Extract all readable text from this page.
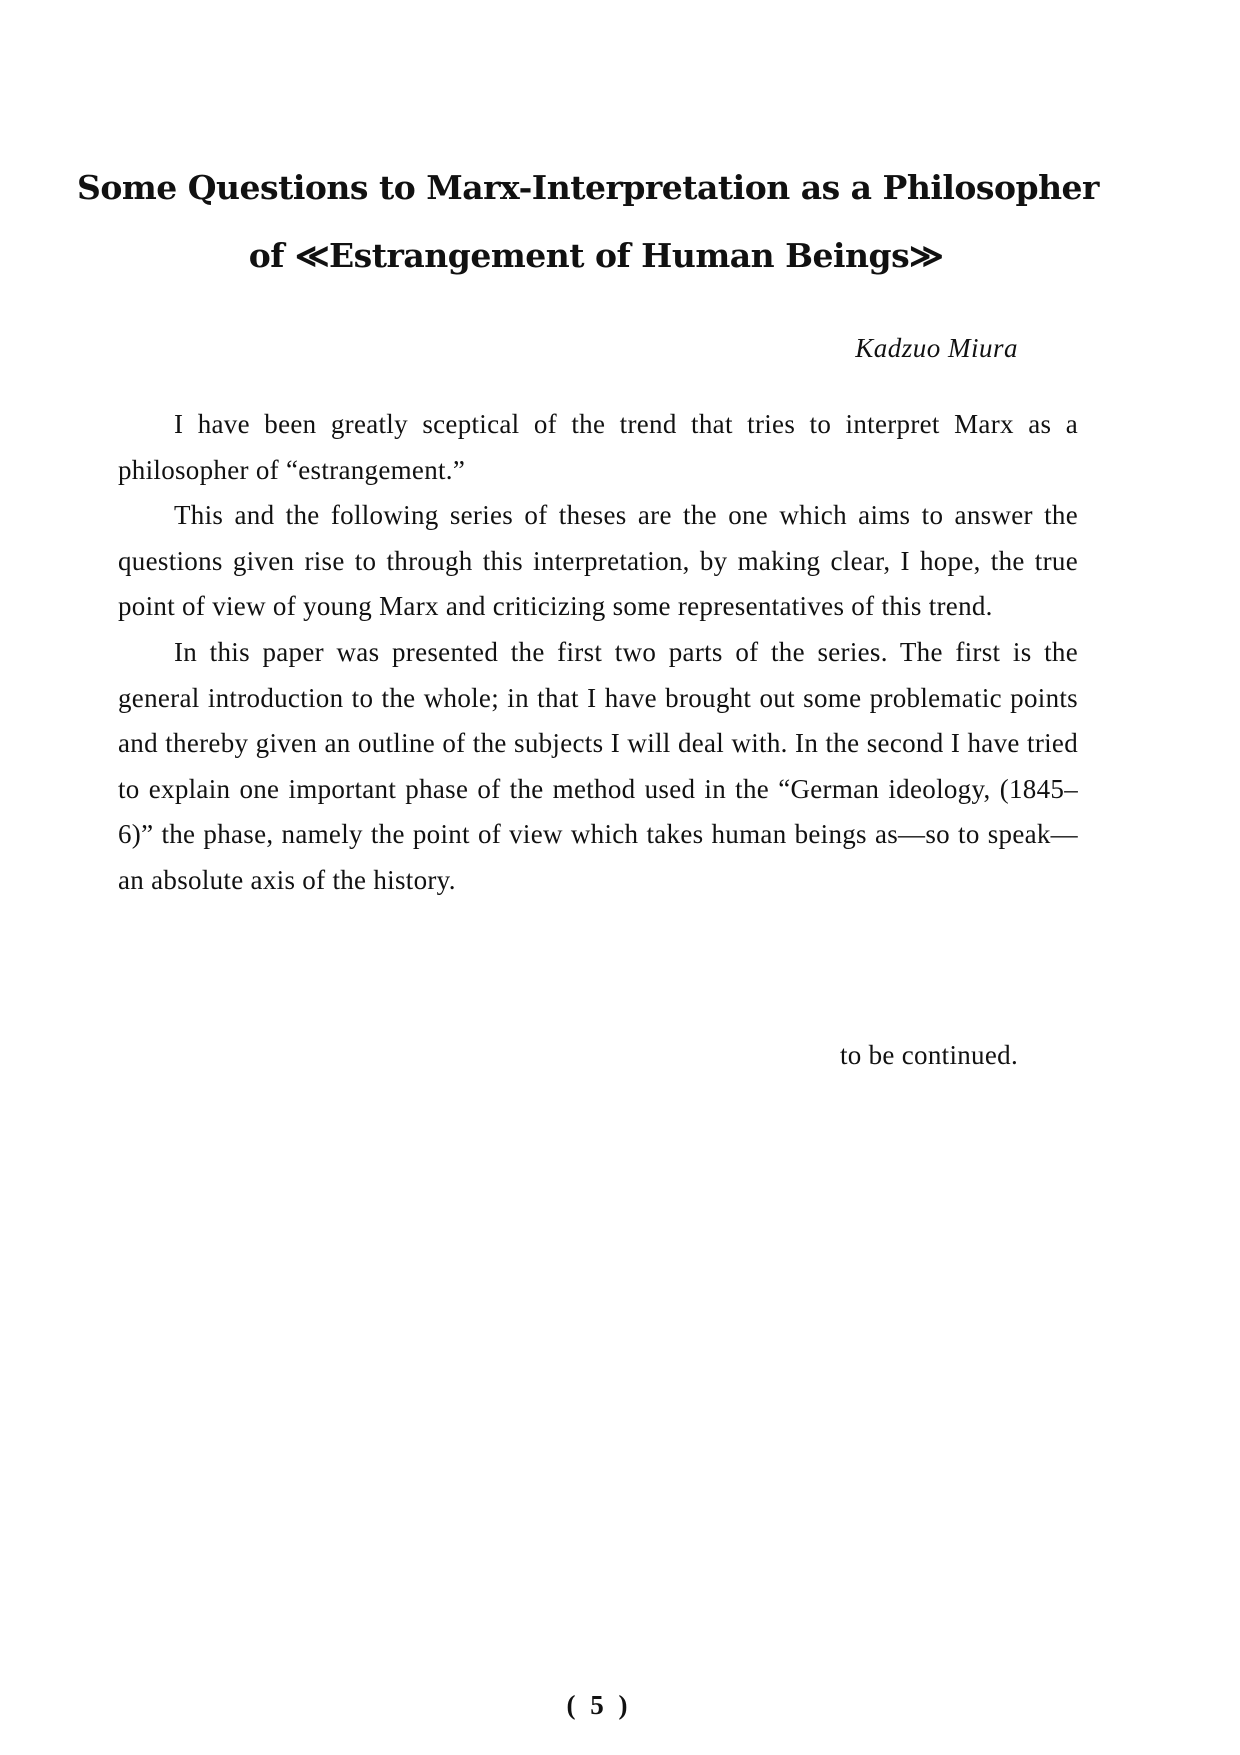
Some Questions to Marx-Interpretation as a Philosopher
of ≪Estrangement of Human Beings≫
Kadzuo Miura

I have been greatly sceptical of the trend that tries to interpret Marx as a philosopher of “estrangement.”

This and the following series of theses are the one which aims to answer the questions given rise to through this interpretation, by making clear, I hope, the true point of view of young Marx and criticizing some representatives of this trend.

In this paper was presented the first two parts of the series. The first is the general introduction to the whole; in that I have brought out some problematic points and thereby given an outline of the subjects I will deal with. In the second I have tried to explain one important phase of the method used in the “German ideology, (1845–6)” the phase, namely the point of view which takes human beings as—so to speak—an absolute axis of the history.

to be continued.
( 5 )
